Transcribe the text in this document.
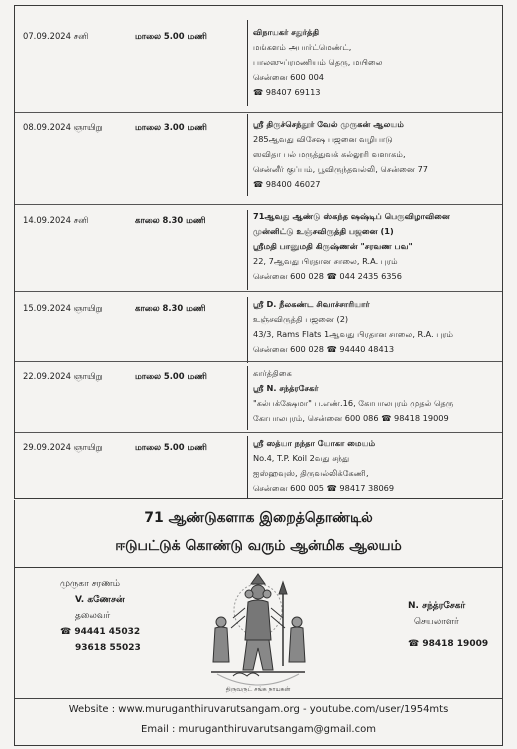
07.09.2024 சனி	மாலை 5.00 மணி	விநாயகர் சதுர்த்தி
மங்களம் அபார்ட்மெண்ட்,
பாலஸுப்ரமணியம் தெரு, மயிலை
சென்னை 600 004
☎ 98407 69113
08.09.2024 ஞாயிறு	மாலை 3.00 மணி	ஸ்ரீ திருச்செந்தூர் வேல் முருகன் ஆலயம்
285ஆவது விசேஷ பஜனை வழிபாடு
ஸவிதா பல் மருத்துவக் கல்லூரி வளாகம்,
சென்னீர் குப்பம், பூவிருந்தவல்லி, சென்னை 77
☎ 98400 46027
14.09.2024 சனி	காலை 8.30 மணி	71ஆவது ஆண்டு ஸ்கந்த ஷஷ்டிப் பெருவிழாவினை
முன்னிட்டு உஞ்சவிருத்தி பஜனை (1)
ஸ்ரீமதி பானுமதி கிருஷ்ணன் "சரவண பவ"
22, 7ஆவது பிரதான சாலை, R.A. புரம்
சென்னை 600 028 ☎ 044 2435 6356
15.09.2024 ஞாயிறு	காலை 8.30 மணி	ஸ்ரீ D. நீலகண்ட சிவாச்சாரியார்
உஞ்சவிருத்தி பஜனை (2)
43/3, Rams Flats 1ஆவது பிரதான சாலை, R.A. புரம்
சென்னை 600 028 ☎ 94440 48413
22.09.2024 ஞாயிறு	மாலை 5.00 மணி	கார்த்திகை
ஸ்ரீ N. சந்த்ரசேகர்
"கல்பக்க்ஷேமா" ப.எண்.16, கோபாலபுரம் முதல் தெரு
கோபாலபுரம், சென்னை 600 086 ☎ 98418 19009
29.09.2024 ஞாயிறு	மாலை 5.00 மணி	ஸ்ரீ ஸத்யா நந்தா யோகா மையம்
No.4, T.P. Koil 2வது சந்து
ஐஸ்ஹவுஸ், திருவல்லிக்கேணி,
சென்னை 600 005 ☎ 98417 38069
71 ஆண்டுகளாக இறைத்தொண்டில்
ஈடுபட்டுக் கொண்டு வரும் ஆன்மிக ஆலயம்
முருகா சரணம்
V. கணேசன்
தலைவர்
☎ 94441 45032
93618 55023
திருவருட் சங்க நாயகன்
N. சந்த்ரசேகர்
செயலாளர்
☎ 98418 19009
Website : www.muruganthiruvarutsangam.org - youtube.com/user/1954mts
Email : muruganthiruvarutsangam@gmail.com
